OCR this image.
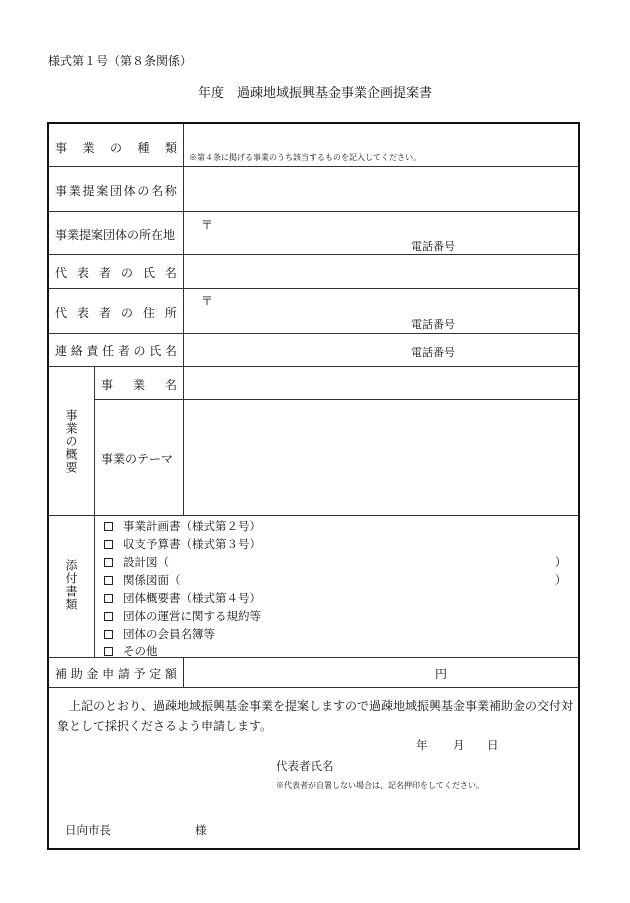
様式第１号（第８条関係）
年度　過疎地域振興基金事業企画提案書
事 業 の 種 類
※第４条に掲げる事業のうち該当するものを記入してください。
事 業 提 案 団 体 の 名 称
事業提案団体の所在地
〒
電話番号
代 表 者 の 氏 名
代 表 者 の 住 所
〒
電話番号
連 絡 責 任 者 の 氏 名	電話番号
事業の概要
事 業 名
事業のテーマ
添付書類
事業計画書（様式第２号）
収支予算書（様式第３号）
設計図（	）
関係図面（	）
団体概要書（様式第４号）
団体の運営に関する規約等
団体の会員名簿等
その他
補 助 金 申 請 予 定 額	円
上記のとおり、過疎地域振興基金事業を提案しますので過疎地域振興基金事業補助金の交付対象として採択くださるよう申請します。
年 月 日
代表者氏名
※代表者が自署しない場合は、記名押印をしてください。
日向市長	様
